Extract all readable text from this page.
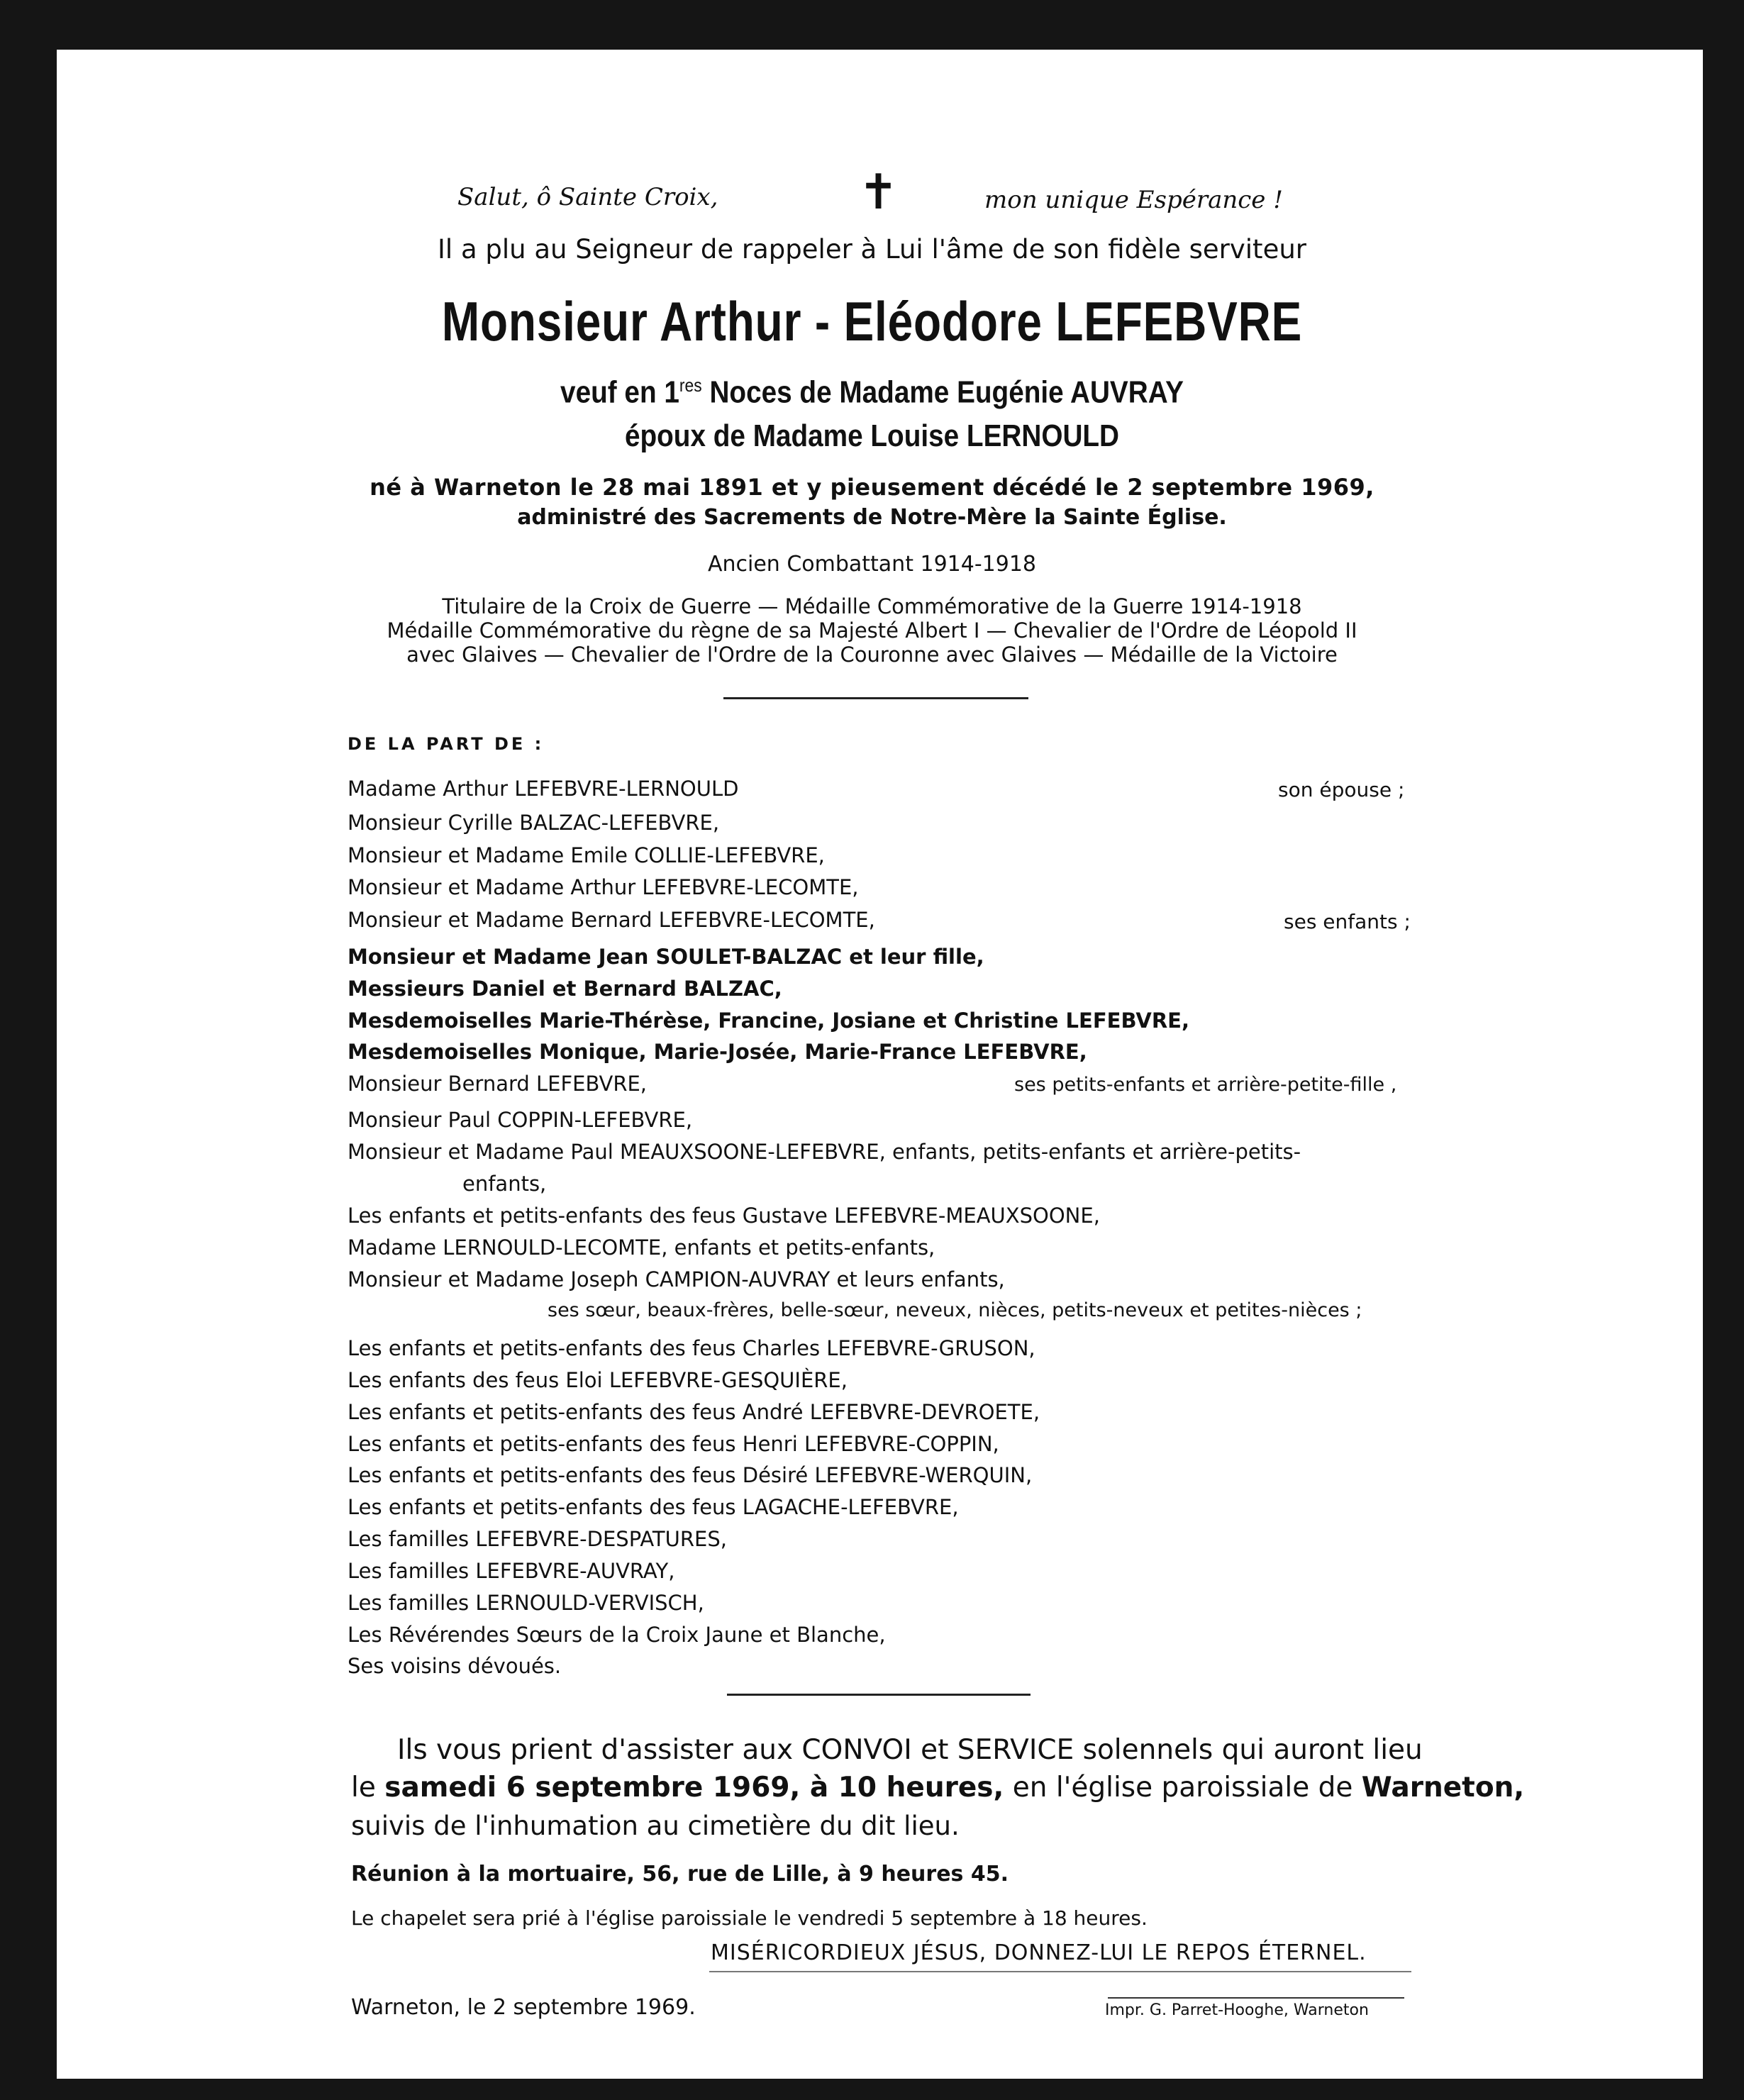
Salut, ô Sainte Croix,	✝	mon unique Espérance !
Il a plu au Seigneur de rappeler à Lui l'âme de son fidèle serviteur
Monsieur Arthur - Eléodore LEFEBVRE
veuf en 1res Noces de Madame Eugénie AUVRAY
époux de Madame Louise LERNOULD
né à Warneton le 28 mai 1891 et y pieusement décédé le 2 septembre 1969,
administré des Sacrements de Notre-Mère la Sainte Église.
Ancien Combattant 1914-1918
Titulaire de la Croix de Guerre — Médaille Commémorative de la Guerre 1914-1918
Médaille Commémorative du règne de sa Majesté Albert I — Chevalier de l'Ordre de Léopold II
avec Glaives — Chevalier de l'Ordre de la Couronne avec Glaives — Médaille de la Victoire
DE LA PART DE :
Madame Arthur LEFEBVRE-LERNOULD	son épouse ;
Monsieur Cyrille BALZAC-LEFEBVRE,
Monsieur et Madame Emile COLLIE-LEFEBVRE,
Monsieur et Madame Arthur LEFEBVRE-LECOMTE,
Monsieur et Madame Bernard LEFEBVRE-LECOMTE,	ses enfants ;
Monsieur et Madame Jean SOULET-BALZAC et leur fille,
Messieurs Daniel et Bernard BALZAC,
Mesdemoiselles Marie-Thérèse, Francine, Josiane et Christine LEFEBVRE,
Mesdemoiselles Monique, Marie-Josée, Marie-France LEFEBVRE,
Monsieur Bernard LEFEBVRE,	ses petits-enfants et arrière-petite-fille ,
Monsieur Paul COPPIN-LEFEBVRE,
Monsieur et Madame Paul MEAUXSOONE-LEFEBVRE, enfants, petits-enfants et arrière-petits-
enfants,
Les enfants et petits-enfants des feus Gustave LEFEBVRE-MEAUXSOONE,
Madame LERNOULD-LECOMTE, enfants et petits-enfants,
Monsieur et Madame Joseph CAMPION-AUVRAY et leurs enfants,
ses sœur, beaux-frères, belle-sœur, neveux, nièces, petits-neveux et petites-nièces ;
Les enfants et petits-enfants des feus Charles LEFEBVRE-GRUSON,
Les enfants des feus Eloi LEFEBVRE-GESQUIÈRE,
Les enfants et petits-enfants des feus André LEFEBVRE-DEVROETE,
Les enfants et petits-enfants des feus Henri LEFEBVRE-COPPIN,
Les enfants et petits-enfants des feus Désiré LEFEBVRE-WERQUIN,
Les enfants et petits-enfants des feus LAGACHE-LEFEBVRE,
Les familles LEFEBVRE-DESPATURES,
Les familles LEFEBVRE-AUVRAY,
Les familles LERNOULD-VERVISCH,
Les Révérendes Sœurs de la Croix Jaune et Blanche,
Ses voisins dévoués.
Ils vous prient d'assister aux CONVOI et SERVICE solennels qui auront lieu
le samedi 6 septembre 1969, à 10 heures, en l'église paroissiale de Warneton,
suivis de l'inhumation au cimetière du dit lieu.
Réunion à la mortuaire, 56, rue de Lille, à 9 heures 45.
Le chapelet sera prié à l'église paroissiale le vendredi 5 septembre à 18 heures.
MISÉRICORDIEUX JÉSUS, DONNEZ-LUI LE REPOS ÉTERNEL.
Warneton, le 2 septembre 1969.	Impr. G. Parret-Hooghe, Warneton
